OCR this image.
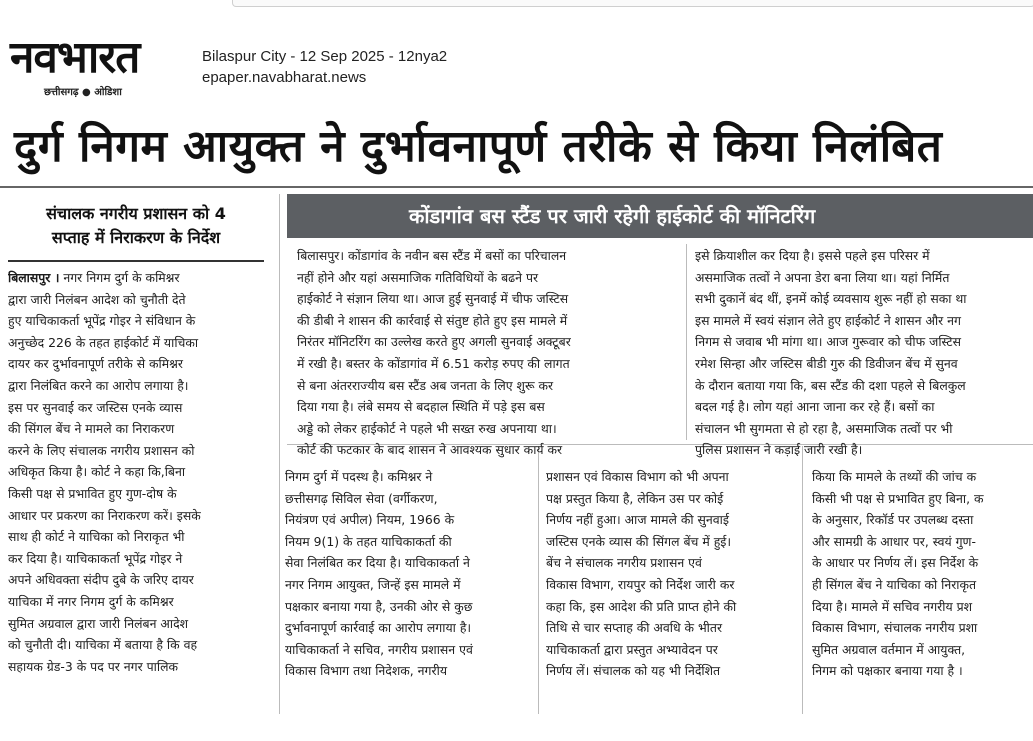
नवभारत
छत्तीसगढ़ ● ओडिशा
Bilaspur City - 12 Sep 2025 - 12nya2
epaper.navabharat.news
दुर्ग निगम आयुक्त ने दुर्भावनापूर्ण तरीके से किया निलंबित
संचालक नगरीय प्रशासन को 4
सप्ताह में निराकरण के निर्देश
कोंडागांव बस स्टैंड पर जारी रहेगी हाईकोर्ट की मॉनिटरिंग
बिलासपुर । नगर निगम दुर्ग के कमिश्नर
द्वारा जारी निलंबन आदेश को चुनौती देते
हुए याचिकाकर्ता भूपेंद्र गोइर ने संविधान के
अनुच्छेद 226 के तहत हाईकोर्ट में याचिका
दायर कर दुर्भावनापूर्ण तरीके से कमिश्नर
द्वारा निलंबित करने का आरोप लगाया है।
इस पर सुनवाई कर जस्टिस एनके व्यास
की सिंगल बेंच ने मामले का निराकरण
करने के लिए संचालक नगरीय प्रशासन को
अधिकृत किया है। कोर्ट ने कहा कि,बिना
किसी पक्ष से प्रभावित हुए गुण-दोष के
आधार पर प्रकरण का निराकरण करें। इसके
साथ ही कोर्ट ने याचिका को निराकृत भी
कर दिया है। याचिकाकर्ता भूपेंद्र गोइर ने
अपने अधिवक्ता संदीप दुबे के जरिए दायर
याचिका में नगर निगम दुर्ग के कमिश्नर
सुमित अग्रवाल द्वारा जारी निलंबन आदेश
को चुनौती दी। याचिका में बताया है कि वह
सहायक ग्रेड-3 के पद पर नगर पालिक
निगम दुर्ग में पदस्थ है। कमिश्नर ने
छत्तीसगढ़ सिविल सेवा (वर्गीकरण,
नियंत्रण एवं अपील) नियम, 1966 के
नियम 9(1) के तहत याचिकाकर्ता की
सेवा निलंबित कर दिया है। याचिकाकर्ता ने
नगर निगम आयुक्त, जिन्हें इस मामले में
पक्षकार बनाया गया है, उनकी ओर से कुछ
दुर्भावनापूर्ण कार्रवाई का आरोप लगाया है।
याचिकाकर्ता ने सचिव, नगरीय प्रशासन एवं
विकास विभाग तथा निदेशक, नगरीय
प्रशासन एवं विकास विभाग को भी अपना
पक्ष प्रस्तुत किया है, लेकिन उस पर कोई
निर्णय नहीं हुआ। आज मामले की सुनवाई
जस्टिस एनके व्यास की सिंगल बेंच में हुई।
बेंच ने संचालक नगरीय प्रशासन एवं
विकास विभाग, रायपुर को निर्देश जारी कर
कहा कि, इस आदेश की प्रति प्राप्त होने की
तिथि से चार सप्ताह की अवधि के भीतर
याचिकाकर्ता द्वारा प्रस्तुत अभ्यावेदन पर
निर्णय लें। संचालक को यह भी निर्देशित
किया कि मामले के तथ्यों की जांच क
किसी भी पक्ष से प्रभावित हुए बिना, क
के अनुसार, रिकॉर्ड पर उपलब्ध दस्ता
और सामग्री के आधार पर, स्वयं गुण-
के आधार पर निर्णय लें। इस निर्देश के
ही सिंगल बेंच ने याचिका को निराकृत
दिया है। मामले में सचिव नगरीय प्रश
विकास विभाग, संचालक नगरीय प्रशा
सुमित अग्रवाल वर्तमान में आयुक्त,
निगम को पक्षकार बनाया गया है ।
बिलासपुर। कोंडागांव के नवीन बस स्टैंड में बसों का परिचालन
नहीं होने और यहां असमाजिक गतिविधियों के बढने पर
हाईकोर्ट ने संज्ञान लिया था। आज हुई सुनवाई में चीफ जस्टिस
की डीबी ने शासन की कार्रवाई से संतुष्ट होते हुए इस मामले में
निरंतर मॉनिटरिंग का उल्लेख करते हुए अगली सुनवाई अक्टूबर
में रखी है। बस्तर के कोंडागांव में 6.51 करोड़ रुपए की लागत
से बना अंतरराज्यीय बस स्टैंड अब जनता के लिए शुरू कर
दिया गया है। लंबे समय से बदहाल स्थिति में पड़े इस बस
अड्डे को लेकर हाईकोर्ट ने पहले भी सख्त रुख अपनाया था।
कोर्ट की फटकार के बाद शासन ने आवश्यक सुधार कार्य कर
इसे क्रियाशील कर दिया है। इससे पहले इस परिसर में
असमाजिक तत्वों ने अपना डेरा बना लिया था। यहां निर्मित
सभी दुकानें बंद थीं, इनमें कोई व्यवसाय शुरू नहीं हो सका था
इस मामले में स्वयं संज्ञान लेते हुए हाईकोर्ट ने शासन और नग
निगम से जवाब भी मांगा था। आज गुरूवार को चीफ जस्टिस
रमेश सिन्हा और जस्टिस बीडी गुरु की डिवीजन बेंच में सुनव
के दौरान बताया गया कि, बस स्टैंड की दशा पहले से बिलकुल
बदल गई है। लोग यहां आना जाना कर रहे हैं। बसों का
संचालन भी सुगमता से हो रहा है, असमाजिक तत्वों पर भी
पुलिस प्रशासन ने कड़ाई जारी रखी है।
